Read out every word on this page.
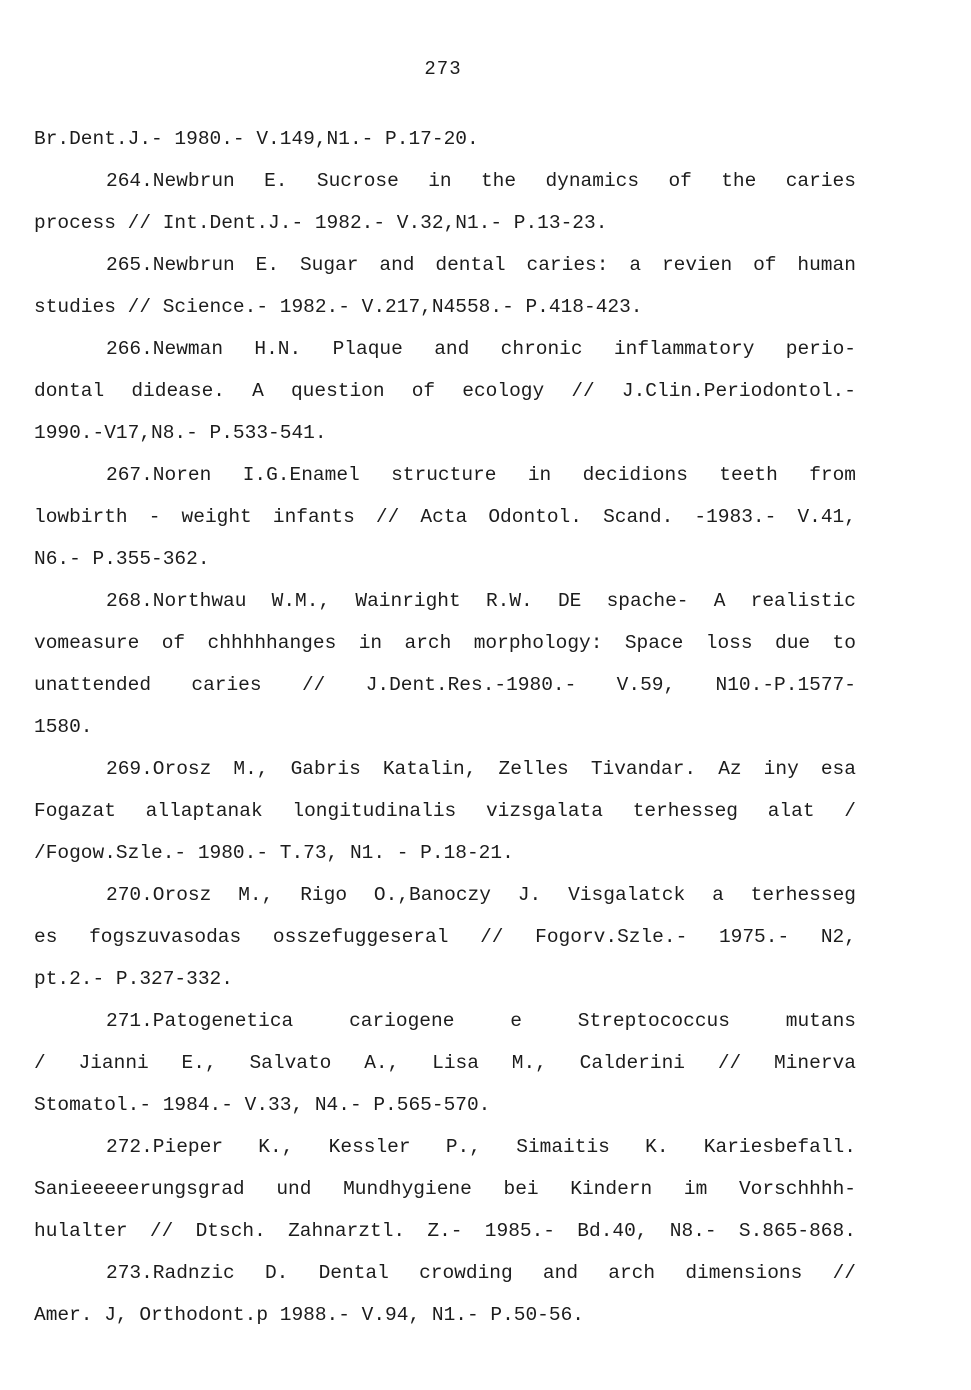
273
Br.Dent.J.- 1980.- V.149,N1.- P.17-20.
264.Newbrun E. Sucrose in the dynamics of the caries
process // Int.Dent.J.- 1982.- V.32,N1.- P.13-23.
265.Newbrun E. Sugar and dental caries: a revien of human
studies // Science.- 1982.- V.217,N4558.- P.418-423.
266.Newman H.N. Plaque and chronic inflammatory perio-
dontal didease. A question of ecology // J.Clin.Periodontol.-
1990.-V17,N8.- P.533-541.
267.Noren I.G.Enamel structure in decidions teeth from
lowbirth - weight infants // Acta Odontol. Scand. -1983.- V.41,
N6.- P.355-362.
268.Northwau W.M., Wainright R.W. DE spache- A realistic
vomeasure of chhhhhanges in arch morphology: Space loss due to
unattended caries // J.Dent.Res.-1980.- V.59, N10.-P.1577-
1580.
269.Orosz M., Gabris Katalin, Zelles Tivandar. Az iny esa
Fogazat allaptanak longitudinalis vizsgalata terhesseg alat /
/Fogow.Szle.- 1980.- T.73, N1. - P.18-21.
270.Orosz M., Rigo O.,Banoczy J. Visgalatck a terhesseg
es fogszuvasodas osszefuggeseral // Fogorv.Szle.- 1975.- N2,
pt.2.- P.327-332.
271.Patogenetica	cariogene	e	Streptococcus	mutans
/ Jianni E., Salvato A., Lisa M., Calderini // Minerva
Stomatol.- 1984.- V.33, N4.- P.565-570.
272.Pieper K., Kessler P., Simaitis K. Kariesbefall.
Sanieeeeerungsgrad und Mundhygiene bei Kindern im Vorschhhh-
hulalter // Dtsch. Zahnarztl. Z.- 1985.- Bd.40, N8.- S.865-868.
273.Radnzic D. Dental crowding and arch dimensions //
Amer. J, Orthodont.p 1988.- V.94, N1.- P.50-56.
